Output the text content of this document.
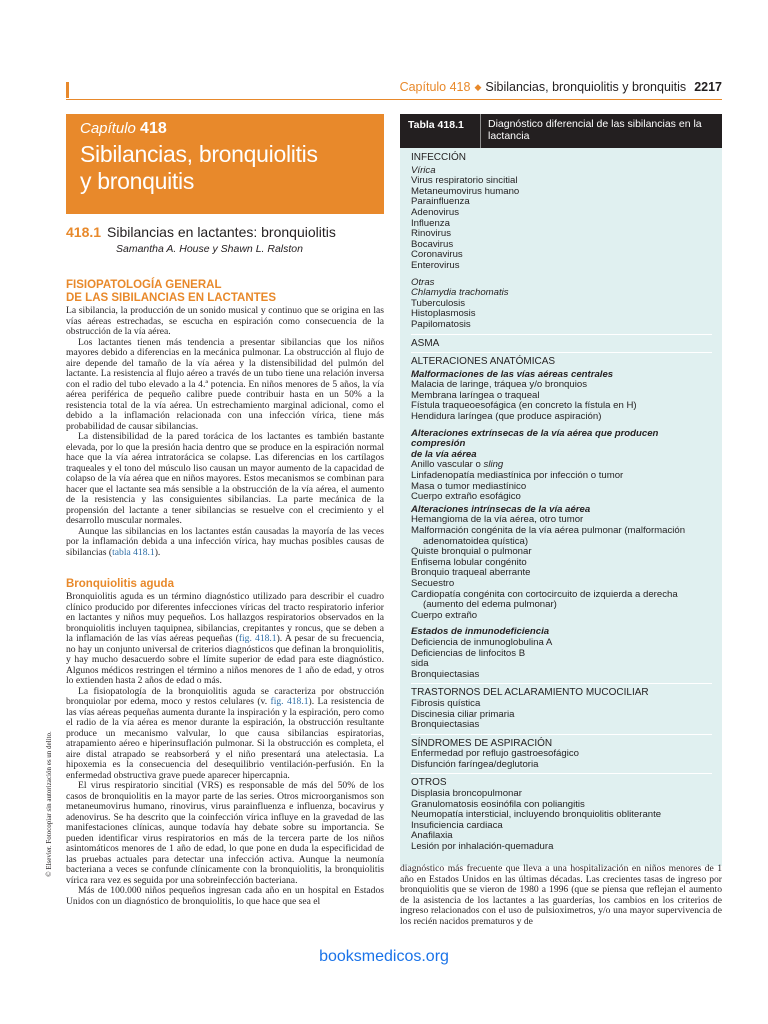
Capítulo 418 ◆ Sibilancias, bronquiolitis y bronquitis 2217
Capítulo 418
Sibilancias, bronquiolitis
y bronquitis
418.1 Sibilancias en lactantes: bronquiolitis
Samantha A. House y Shawn L. Ralston
FISIOPATOLOGÍA GENERAL
DE LAS SIBILANCIAS EN LACTANTES

La sibilancia, la producción de un sonido musical y continuo que se origina en las vías aéreas estrechadas, se escucha en espiración como consecuencia de la obstrucción de la vía aérea.

Los lactantes tienen más tendencia a presentar sibilancias que los niños mayores debido a diferencias en la mecánica pulmonar. La obstrucción al flujo de aire depende del tamaño de la vía aérea y la distensibilidad del pulmón del lactante. La resistencia al flujo aéreo a través de un tubo tiene una relación inversa con el radio del tubo elevado a la 4.ª potencia. En niños menores de 5 años, la vía aérea periférica de pequeño calibre puede contribuir hasta en un 50% a la resistencia total de la vía aérea. Un estrechamiento marginal adicional, como el debido a la inflamación relacionada con una infección vírica, tiene más probabilidad de causar sibilancias.

La distensibilidad de la pared torácica de los lactantes es también bastante elevada, por lo que la presión hacia dentro que se produce en la espiración normal hace que la vía aérea intratorácica se colapse. Las diferencias en los cartílagos traqueales y el tono del músculo liso causan un mayor aumento de la capacidad de colapso de la vía aérea que en niños mayores. Estos mecanismos se combinan para hacer que el lactante sea más sensible a la obstrucción de la vía aérea, el aumento de la resistencia y las consiguientes sibilancias. La parte mecánica de la propensión del lactante a tener sibilancias se resuelve con el crecimiento y el desarrollo muscular normales.

Aunque las sibilancias en los lactantes están causadas la mayoría de las veces por la inflamación debida a una infección vírica, hay muchas posibles causas de sibilancias (tabla 418.1).

Bronquiolitis aguda

Bronquiolitis aguda es un término diagnóstico utilizado para describir el cuadro clínico producido por diferentes infecciones víricas del tracto respiratorio inferior en lactantes y niños muy pequeños. Los hallazgos respiratorios observados en la bronquiolitis incluyen taquipnea, sibilancias, crepitantes y roncus, que se deben a la inflamación de las vías aéreas pequeñas (fig. 418.1). A pesar de su frecuencia, no hay un conjunto universal de criterios diagnósticos que definan la bronquiolitis, y hay mucho desacuerdo sobre el límite superior de edad para este diagnóstico. Algunos médicos restringen el término a niños menores de 1 año de edad, y otros lo extienden hasta 2 años de edad o más.

La fisiopatología de la bronquiolitis aguda se caracteriza por obstrucción bronquiolar por edema, moco y restos celulares (v. fig. 418.1). La resistencia de las vías aéreas pequeñas aumenta durante la inspiración y la espiración, pero como el radio de la vía aérea es menor durante la espiración, la obstrucción resultante produce un mecanismo valvular, lo que causa sibilancias espiratorias, atrapamiento aéreo e hiperinsuflación pulmonar. Si la obstrucción es completa, el aire distal atrapado se reabsorberá y el niño presentará una atelectasia. La hipoxemia es la consecuencia del desequilibrio ventilación-perfusión. En la enfermedad obstructiva grave puede aparecer hipercapnia.

El virus respiratorio sincitial (VRS) es responsable de más del 50% de los casos de bronquiolitis en la mayor parte de las series. Otros microorganismos son metaneumovirus humano, rinovirus, virus parainfluenza e influenza, bocavirus y adenovirus. Se ha descrito que la coinfección vírica influye en la gravedad de las manifestaciones clínicas, aunque todavía hay debate sobre su importancia. Se pueden identificar virus respiratorios en más de la tercera parte de los niños asintomáticos menores de 1 año de edad, lo que pone en duda la especificidad de las pruebas actuales para detectar una infección activa. Aunque la neumonía bacteriana a veces se confunde clínicamente con la bronquiolitis, la bronquiolitis vírica rara vez es seguida por una sobreinfección bacteriana.

Más de 100.000 niños pequeños ingresan cada año en un hospital en Estados Unidos con un diagnóstico de bronquiolitis, lo que hace que sea el

© Elsevier. Fotocopiar sin autorización es un delito.
Tabla 418.1 Diagnóstico diferencial de las sibilancias en la lactancia
INFECCIÓN
Vírica
Virus respiratorio sincitial
Metaneumovirus humano
Parainfluenza
Adenovirus
Influenza
Rinovirus
Bocavirus
Coronavirus
Enterovirus
Otras
Chlamydia trachomatis
Tuberculosis
Histoplasmosis
Papilomatosis
ASMA
ALTERACIONES ANATÓMICAS
Malformaciones de las vías aéreas centrales
Malacia de laringe, tráquea y/o bronquios
Membrana laríngea o traqueal
Fístula traqueoesofágica (en concreto la fístula en H)
Hendidura laríngea (que produce aspiración)
Alteraciones extrínsecas de la vía aérea que producen compresión
de la vía aérea
Anillo vascular o sling
Linfadenopatía mediastínica por infección o tumor
Masa o tumor mediastínico
Cuerpo extraño esofágico
Alteraciones intrínsecas de la vía aérea
Hemangioma de la vía aérea, otro tumor
Malformación congénita de la vía aérea pulmonar (malformación
adenomatoidea quística)
Quiste bronquial o pulmonar
Enfisema lobular congénito
Bronquio traqueal aberrante
Secuestro
Cardiopatía congénita con cortocircuito de izquierda a derecha
(aumento del edema pulmonar)
Cuerpo extraño
Estados de inmunodeficiencia
Deficiencia de inmunoglobulina A
Deficiencias de linfocitos B
sida
Bronquiectasias
TRASTORNOS DEL ACLARAMIENTO MUCOCILIAR
Fibrosis quística
Discinesia ciliar primaria
Bronquiectasias
SÍNDROMES DE ASPIRACIÓN
Enfermedad por reflujo gastroesofágico
Disfunción faríngea/deglutoria
OTROS
Displasia broncopulmonar
Granulomatosis eosinófila con poliangitis
Neumopatía intersticial, incluyendo bronquiolitis obliterante
Insuficiencia cardiaca
Anafilaxia
Lesión por inhalación-quemadura
diagnóstico más frecuente que lleva a una hospitalización en niños menores de 1 año en Estados Unidos en las últimas décadas. Las crecientes tasas de ingreso por bronquiolitis que se vieron de 1980 a 1996 (que se piensa que reflejan el aumento de la asistencia de los lactantes a las guarderías, los cambios en los criterios de ingreso relacionados con el uso de pulsioximetros, y/o una mayor supervivencia de los recién nacidos prematuros y de
booksmedicos.org
